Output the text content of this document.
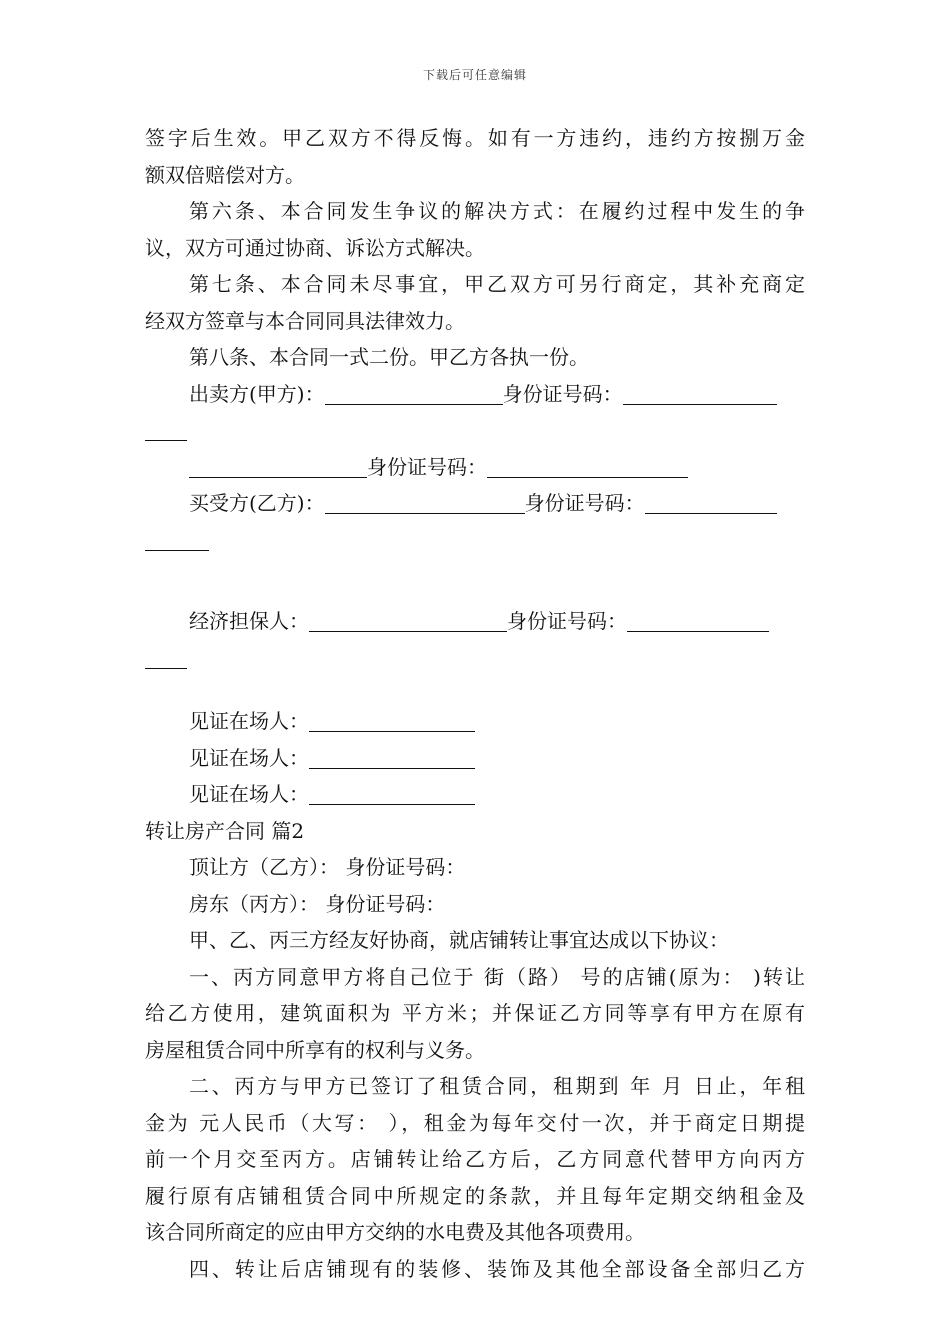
下载后可任意编辑
签字后生效。甲乙双方不得反悔。如有一方违约，违约方按捌万金
额双倍赔偿对方。
第六条、本合同发生争议的解决方式：在履约过程中发生的争
议，双方可通过协商、诉讼方式解决。
第七条、本合同未尽事宜，甲乙双方可另行商定，其补充商定
经双方签章与本合同同具法律效力。
第八条、本合同一式二份。甲乙方各执一份。
出卖方(甲方)：	身份证号码：
身份证号码：
买受方(乙方)：	身份证号码：
经济担保人：	身份证号码：
见证在场人：
见证在场人：
见证在场人：
转让房产合同 篇2
顶让方（乙方）： 身份证号码：
房东（丙方）： 身份证号码：
甲、乙、丙三方经友好协商，就店铺转让事宜达成以下协议：
一、丙方同意甲方将自己位于 街（路） 号的店铺(原为： )转让
给乙方使用，建筑面积为 平方米；并保证乙方同等享有甲方在原有
房屋租赁合同中所享有的权利与义务。
二、丙方与甲方已签订了租赁合同，租期到 年 月 日止，年租
金为 元人民币（大写： ），租金为每年交付一次，并于商定日期提
前一个月交至丙方。店铺转让给乙方后，乙方同意代替甲方向丙方
履行原有店铺租赁合同中所规定的条款，并且每年定期交纳租金及
该合同所商定的应由甲方交纳的水电费及其他各项费用。
四、转让后店铺现有的装修、装饰及其他全部设备全部归乙方
